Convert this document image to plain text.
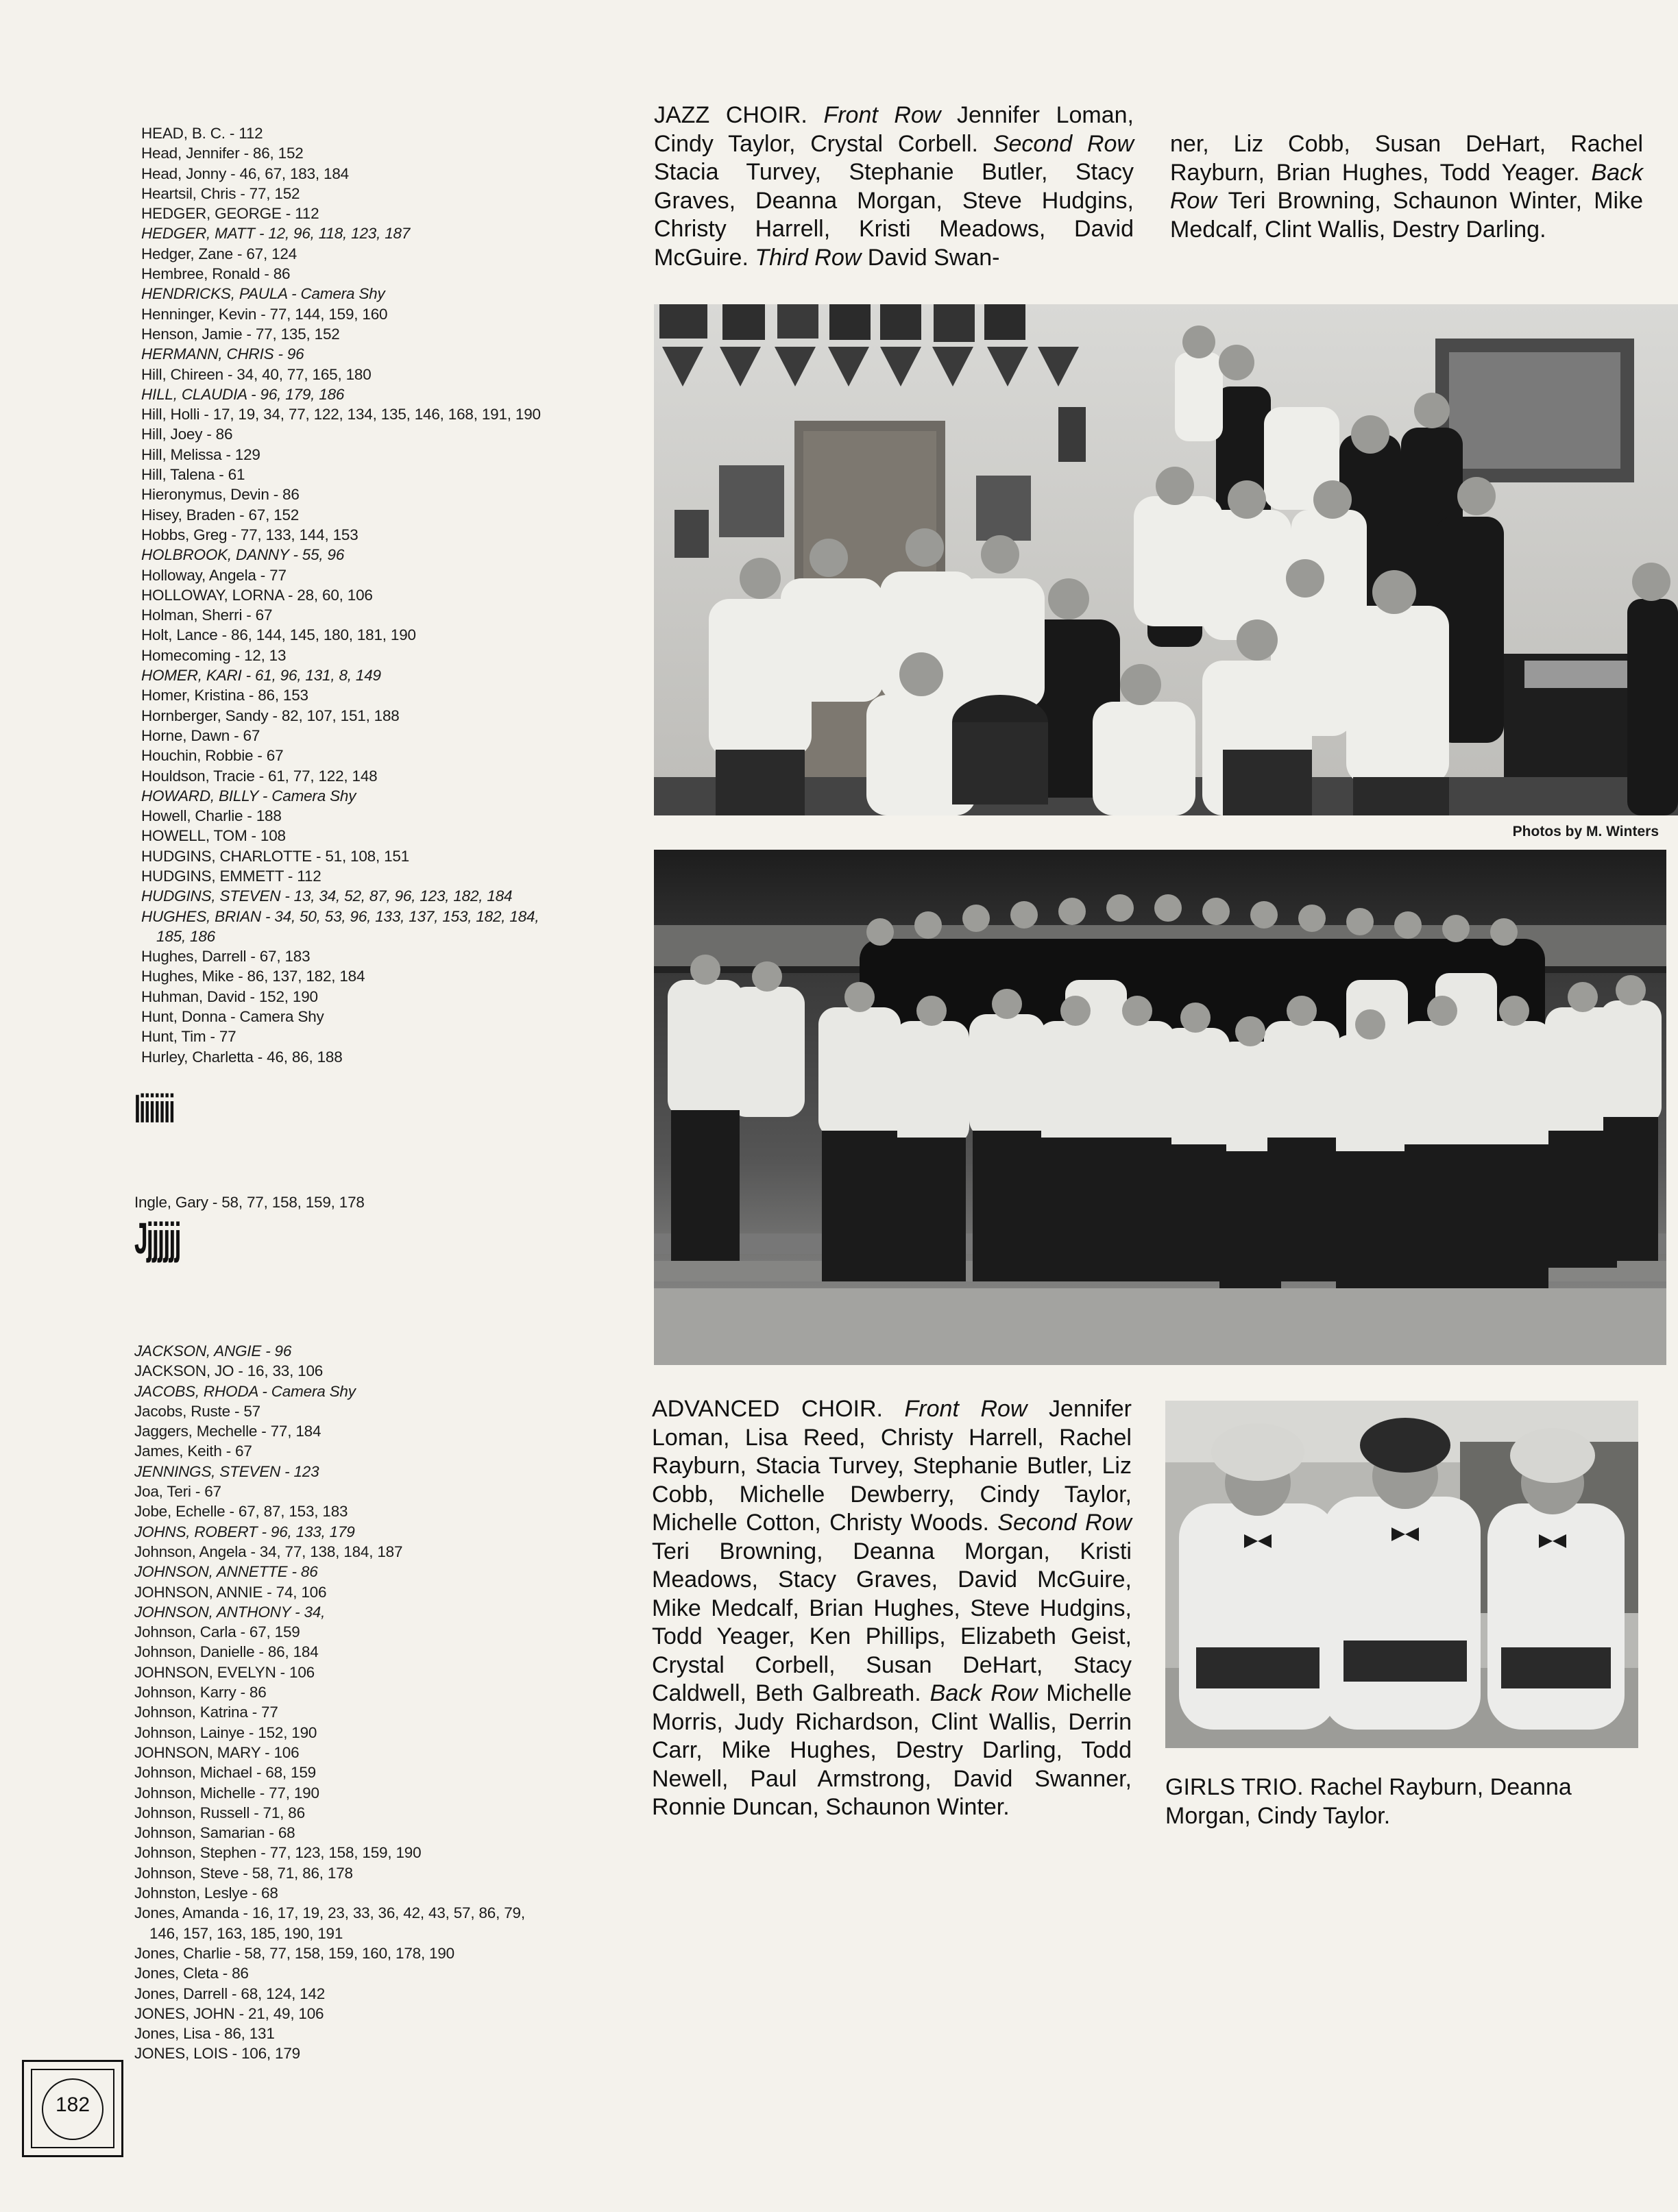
HEAD, B. C. - 112
Head, Jennifer - 86, 152
Head, Jonny - 46, 67, 183, 184
Heartsil, Chris - 77, 152
HEDGER, GEORGE - 112
HEDGER, MATT - 12, 96, 118, 123, 187
Hedger, Zane - 67, 124
Hembree, Ronald - 86
HENDRICKS, PAULA - Camera Shy
Henninger, Kevin - 77, 144, 159, 160
Henson, Jamie - 77, 135, 152
HERMANN, CHRIS - 96
Hill, Chireen - 34, 40, 77, 165, 180
HILL, CLAUDIA - 96, 179, 186
Hill, Holli - 17, 19, 34, 77, 122, 134, 135, 146, 168, 191, 190
Hill, Joey - 86
Hill, Melissa - 129
Hill, Talena - 61
Hieronymus, Devin - 86
Hisey, Braden - 67, 152
Hobbs, Greg - 77, 133, 144, 153
HOLBROOK, DANNY - 55, 96
Holloway, Angela - 77
HOLLOWAY, LORNA - 28, 60, 106
Holman, Sherri - 67
Holt, Lance - 86, 144, 145, 180, 181, 190
Homecoming - 12, 13
HOMER, KARI - 61, 96, 131, 8, 149
Homer, Kristina - 86, 153
Hornberger, Sandy - 82, 107, 151, 188
Horne, Dawn - 67
Houchin, Robbie - 67
Houldson, Tracie - 61, 77, 122, 148
HOWARD, BILLY - Camera Shy
Howell, Charlie - 188
HOWELL, TOM - 108
HUDGINS, CHARLOTTE - 51, 108, 151
HUDGINS, EMMETT - 112
HUDGINS, STEVEN - 13, 34, 52, 87, 96, 123, 182, 184
HUGHES, BRIAN - 34, 50, 53, 96, 133, 137, 153, 182, 184,
185, 186
Hughes, Darrell - 67, 183
Hughes, Mike - 86, 137, 182, 184
Huhman, David - 152, 190
Hunt, Donna - Camera Shy
Hunt, Tim - 77
Hurley, Charletta - 46, 86, 188
Iiiiiiii
Ingle, Gary - 58, 77, 158, 159, 178
Jjjjjjj
JACKSON, ANGIE - 96
JACKSON, JO - 16, 33, 106
JACOBS, RHODA - Camera Shy
Jacobs, Ruste - 57
Jaggers, Mechelle - 77, 184
James, Keith - 67
JENNINGS, STEVEN - 123
Joa, Teri - 67
Jobe, Echelle - 67, 87, 153, 183
JOHNS, ROBERT - 96, 133, 179
Johnson, Angela - 34, 77, 138, 184, 187
JOHNSON, ANNETTE - 86
JOHNSON, ANNIE - 74, 106
JOHNSON, ANTHONY - 34,
Johnson, Carla - 67, 159
Johnson, Danielle - 86, 184
JOHNSON, EVELYN - 106
Johnson, Karry - 86
Johnson, Katrina - 77
Johnson, Lainye - 152, 190
JOHNSON, MARY - 106
Johnson, Michael - 68, 159
Johnson, Michelle - 77, 190
Johnson, Russell - 71, 86
Johnson, Samarian - 68
Johnson, Stephen - 77, 123, 158, 159, 190
Johnson, Steve - 58, 71, 86, 178
Johnston, Leslye - 68
Jones, Amanda - 16, 17, 19, 23, 33, 36, 42, 43, 57, 86, 79,
146, 157, 163, 185, 190, 191
Jones, Charlie - 58, 77, 158, 159, 160, 178, 190
Jones, Cleta - 86
Jones, Darrell - 68, 124, 142
JONES, JOHN - 21, 49, 106
Jones, Lisa - 86, 131
JONES, LOIS - 106, 179
JAZZ CHOIR. Front Row Jennifer Loman, Cindy Taylor, Crystal Corbell. Second Row Stacia Turvey, Stephanie Butler, Stacy Graves, Deanna Morgan, Steve Hudgins, Christy Harrell, Kristi Meadows, David McGuire. Third Row David Swan-
ner, Liz Cobb, Susan DeHart, Rachel Rayburn, Brian Hughes, Todd Yeager. Back Row Teri Browning, Schaunon Winter, Mike Medcalf, Clint Wallis, Destry Darling.
Photos by M. Winters
ADVANCED CHOIR. Front Row Jennifer Loman, Lisa Reed, Christy Harrell, Rachel Rayburn, Stacia Turvey, Stephanie Butler, Liz Cobb, Michelle Dewberry, Cindy Taylor, Michelle Cotton, Christy Woods. Second Row Teri Browning, Deanna Morgan, Kristi Meadows, Stacy Graves, David McGuire, Mike Medcalf, Brian Hughes, Steve Hudgins, Todd Yeager, Ken Phillips, Elizabeth Geist, Crystal Corbell, Susan DeHart, Stacy Caldwell, Beth Galbreath. Back Row Michelle Morris, Judy Richardson, Clint Wallis, Derrin Carr, Mike Hughes, Destry Darling, Todd Newell, Paul Armstrong, David Swanner, Ronnie Duncan, Schaunon Winter.
GIRLS TRIO. Rachel Rayburn, Deanna Morgan, Cindy Taylor.
182
